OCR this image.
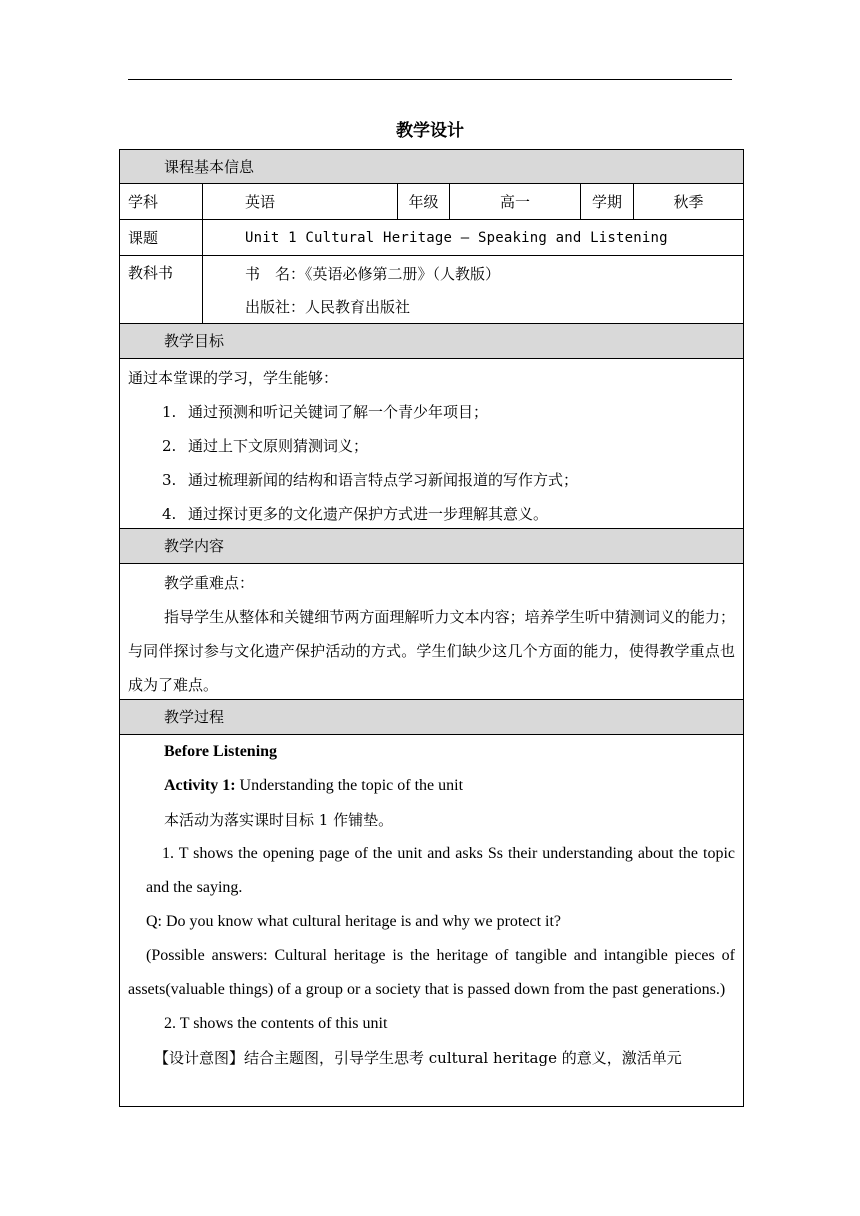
教学设计
课程基本信息
学科	英语	年级	高一	学期	秋季
课题	Unit 1 Cultural Heritage — Speaking and Listening
教科书	书　名：《英语必修第二册》（人教版）
出版社：人民教育出版社
教学目标
通过本堂课的学习，学生能够：
1. 通过预测和听记关键词了解一个青少年项目；
2. 通过上下文原则猜测词义；
3. 通过梳理新闻的结构和语言特点学习新闻报道的写作方式；
4. 通过探讨更多的文化遗产保护方式进一步理解其意义。
教学内容
教学重难点：
指导学生从整体和关键细节两方面理解听力文本内容；培养学生听中猜测词义的能力；与同伴探讨参与文化遗产保护活动的方式。学生们缺少这几个方面的能力，使得教学重点也成为了难点。
教学过程
Before Listening
Activity 1: Understanding the topic of the unit
本活动为落实课时目标 1 作铺垫。
1. T shows the opening page of the unit and asks Ss their understanding about the topic and the saying.
Q: Do you know what cultural heritage is and why we protect it?
(Possible answers: Cultural heritage is the heritage of tangible and intangible pieces of assets(valuable things) of a group or a society that is passed down from the past generations.)
2. T shows the contents of this unit
【设计意图】结合主题图，引导学生思考 cultural heritage 的意义，激活单元
